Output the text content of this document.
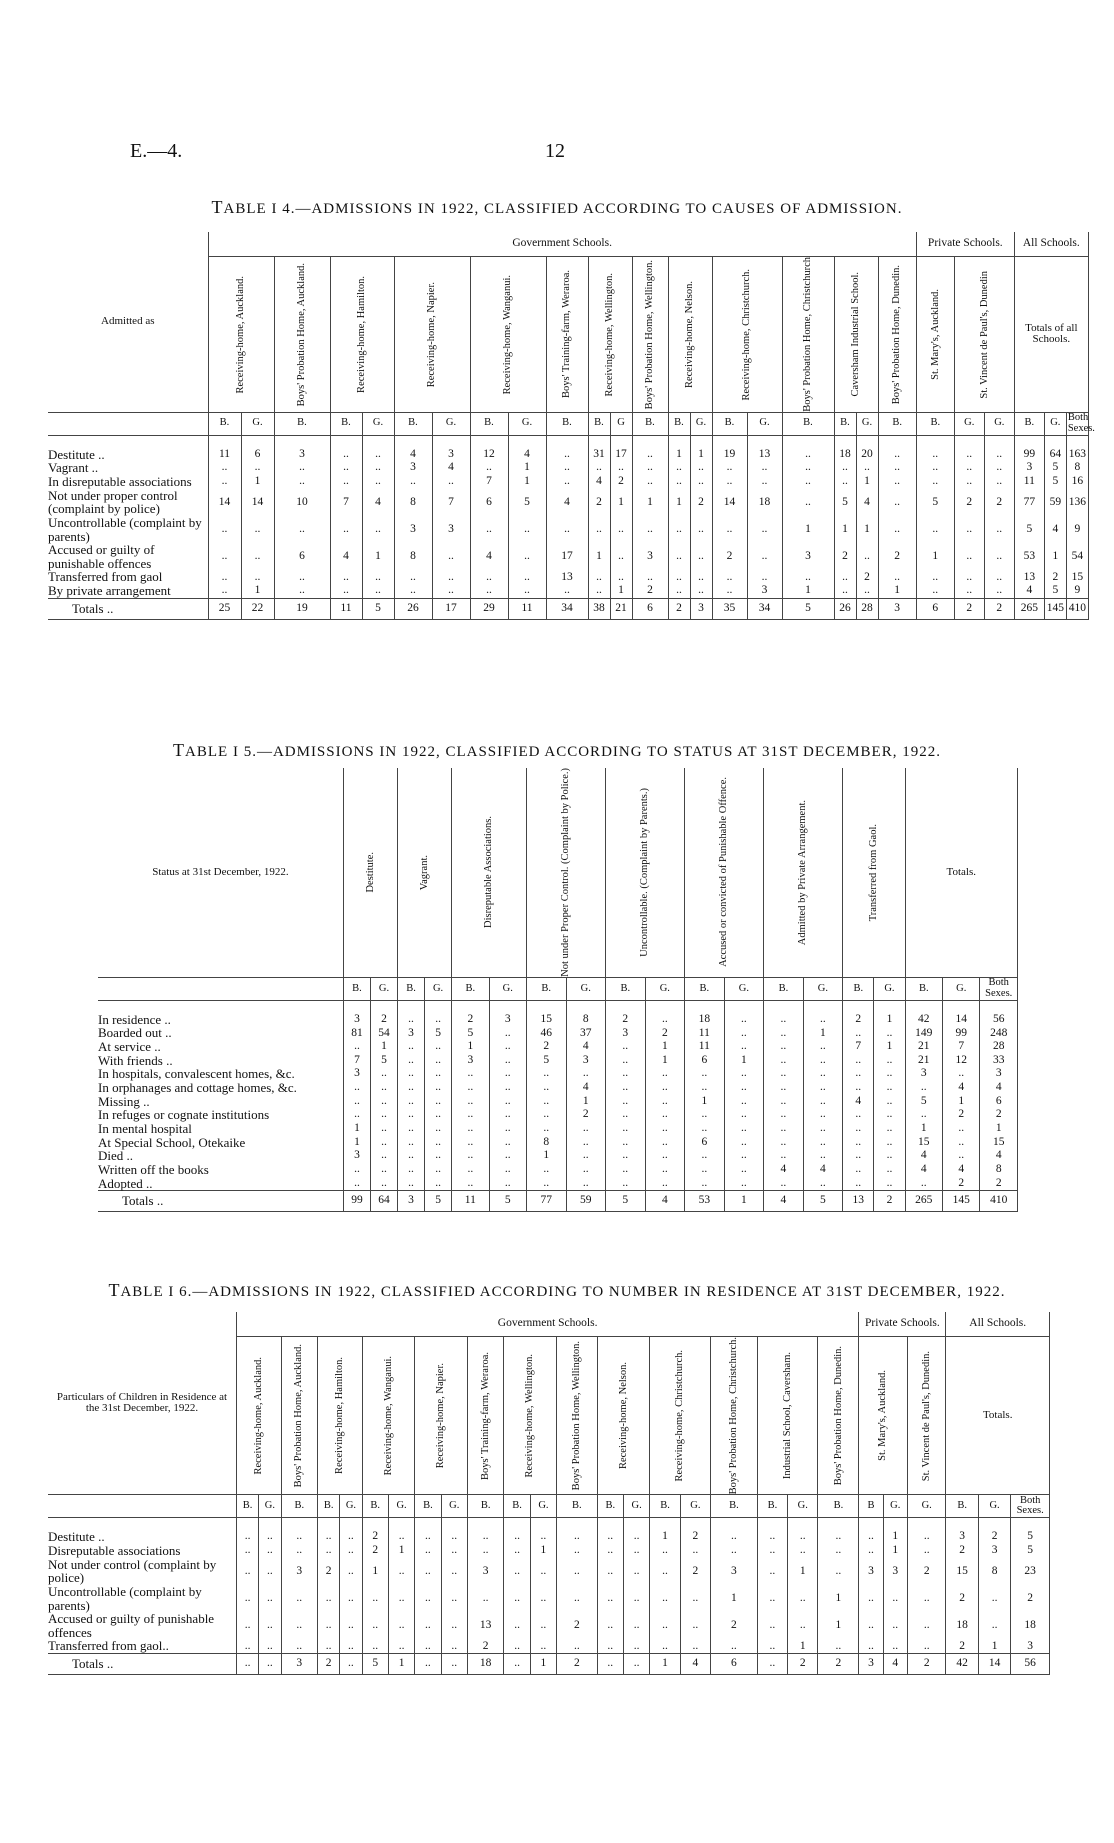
E.—4.	12
TABLE I 4.—ADMISSIONS IN 1922, CLASSIFIED ACCORDING TO CAUSES OF ADMISSION.
Admitted as	Government Schools.																					Private Schools.			All Schools.		

	Receiving-home, Auckland.		Boys' Probation Home, Auckland.	Receiving-home, Hamilton.		Receiving-home, Napier.		Receiving-home, Wanganui.		Boys' Training-farm, Weraroa.	Receiving-home, Wellington.		Boys' Probation Home, Wellington.	Receiving-home, Nelson.		Receiving-home, Christchurch.		Boys' Probation Home, Christchurch	Caversham Industrial School.		Boys' Probation Home, Dunedin.	St. Mary's, Auckland.	St. Vincent de Paul's, Dunedin		Totals of all Schools.		
	B.	G.	B.	B.	G.	B.	G.	B.	G.	B.	B.	G	B.	B.	G.	B.	G.	B.	B.	G.	B.	B.	G.	G.	B.	G.	Both Sexes.

Destitute ..	11	6	3	..	..	4	3	12	4	..	31	17	..	1	1	19	13	..	18	20	..	..	..	..	99	64	163
Vagrant ..	..	..	..	..	..	3	4	..	1	..	..	..	..	..	..	..	..	..	..	..	..	..	..	..	3	5	8
In disreputable associations	..	1	..	..	..	..	..	7	1	..	4	2	..	..	..	..	..	..	..	1	..	..	..	..	11	5	16
Not under proper control (complaint by police)	14	14	10	7	4	8	7	6	5	4	2	1	1	1	2	14	18	..	5	4	..	5	2	2	77	59	136
Uncontrollable (complaint by parents)	..	..	..	..	..	3	3	..	..	..	..	..	..	..	..	..	..	1	1	1	..	..	..	..	5	4	9
Accused or guilty of punishable offences	..	..	6	4	1	8	..	4	..	17	1	..	3	..	..	2	..	3	2	..	2	1	..	..	53	1	54
Transferred from gaol	..	..	..	..	..	..	..	..	..	13	..	..	..	..	..	..	..	..	..	2	..	..	..	..	13	2	15
By private arrangement	..	1	..	..	..	..	..	..	..	..	..	1	2	..	..	..	3	1	..	..	1	..	..	..	4	5	9
Totals ..	25	22	19	11	5	26	17	29	11	34	38	21	6	2	3	35	34	5	26	28	3	6	2	2	265	145	410
TABLE I 5.—ADMISSIONS IN 1922, CLASSIFIED ACCORDING TO STATUS AT 31ST DECEMBER, 1922.
Status at 31st December, 1922.	Destitute.		Vagrant.		Disreputable Associations.		Not under Proper Control. (Complaint by Police.)		Uncontrollable. (Complaint by Parents.)		Accused or convicted of Punishable Offence.		Admitted by Private Arrangement.		Transferred from Gaol.		Totals.		
	B.	G.	B.	G.	B.	G.	B.	G.	B.	G.	B.	G.	B.	G.	B.	G.	B.	G.	Both Sexes.

In residence ..	3	2	..	..	2	3	15	8	2	..	18	..	..	..	2	1	42	14	56
Boarded out ..	81	54	3	5	5	..	46	37	3	2	11	..	..	1	..	..	149	99	248
At service ..	..	1	..	..	1	..	2	4	..	1	11	..	..	..	7	1	21	7	28
With friends ..	7	5	..	..	3	..	5	3	..	1	6	1	..	..	..	..	21	12	33
In hospitals, convalescent homes, &c.	3	..	..	..	..	..	..	..	..	..	..	..	..	..	..	..	3	..	3
In orphanages and cottage homes, &c.	..	..	..	..	..	..	..	4	..	..	..	..	..	..	..	..	..	4	4
Missing ..	..	..	..	..	..	..	..	1	..	..	1	..	..	..	4	..	5	1	6
In refuges or cognate institutions	..	..	..	..	..	..	..	2	..	..	..	..	..	..	..	..	..	2	2
In mental hospital	1	..	..	..	..	..	..	..	..	..	..	..	..	..	..	..	1	..	1
At Special School, Otekaike	1	..	..	..	..	..	8	..	..	..	6	..	..	..	..	..	15	..	15
Died ..	3	..	..	..	..	..	1	..	..	..	..	..	..	..	..	..	4	..	4
Written off the books	..	..	..	..	..	..	..	..	..	..	..	..	4	4	..	..	4	4	8
Adopted ..	..	..	..	..	..	..	..	..	..	..	..	..	..	..	..	..	..	2	2
Totals ..	99	64	3	5	11	5	77	59	5	4	53	1	4	5	13	2	265	145	410
TABLE I 6.—ADMISSIONS IN 1922, CLASSIFIED ACCORDING TO NUMBER IN RESIDENCE AT 31ST DECEMBER, 1922.
Particulars of Children in Residence at the 31st December, 1922.	Government Schools.																					Private Schools.			All Schools.		

	Receiving-home, Auckland.		Boys' Probation Home, Auckland.	Receiving-home, Hamilton.		Receiving-home, Wanganui.		Receiving-home, Napier.		Boys' Training-farm, Weraroa.	Receiving-home, Wellington.		Boys' Probation Home, Wellington.	Receiving-home, Nelson.		Receiving-home, Christchurch.		Boys' Probation Home, Christchurch.	Industrial School, Caversham.		Boys' Probation Home, Dunedin.	St. Mary's, Auckland.		St. Vincent de Paul's, Dunedin.	Totals.		
	B.	G.	B.	B.	G.	B.	G.	B.	G.	B.	B.	G.	B.	B.	G.	B.	G.	B.	B.	G.	B.	B	G.	G.	B.	G.	Both Sexes.

Destitute ..	..	..	..	..	..	2	..	..	..	..	..	..	..	..	..	1	2	..	..	..	..	..	1	..	3	2	5
Disreputable associations	..	..	..	..	..	2	1	..	..	..	..	1	..	..	..	..	..	..	..	..	..	..	1	..	2	3	5
Not under control (complaint by police)	..	..	3	2	..	1	..	..	..	3	..	..	..	..	..	..	2	3	..	1	..	3	3	2	15	8	23
Uncontrollable (complaint by parents)	..	..	..	..	..	..	..	..	..	..	..	..	..	..	..	..	..	1	..	..	1	..	..	..	2	..	2
Accused or guilty of punishable offences	..	..	..	..	..	..	..	..	..	13	..	..	2	..	..	..	..	2	..	..	1	..	..	..	18	..	18
Transferred from gaol..	..	..	..	..	..	..	..	..	..	2	..	..	..	..	..	..	..	..	..	1	..	..	..	..	2	1	3
Totals ..	..	..	3	2	..	5	1	..	..	18	..	1	2	..	..	1	4	6	..	2	2	3	4	2	42	14	56
